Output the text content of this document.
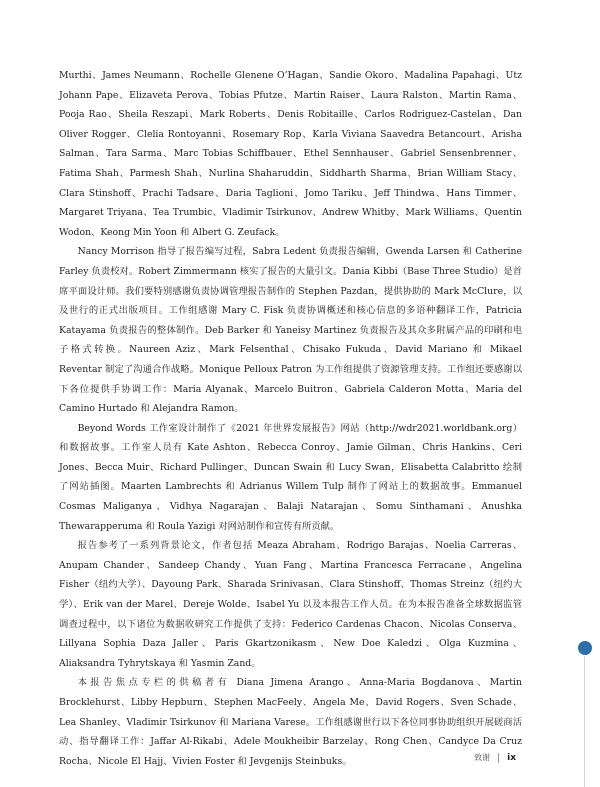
Murthi、James Neumann、Rochelle Glenene O’Hagan、Sandie Okoro、Madalina Papahagi、Utz Johann Pape、Elizaveta Perova、Tobias Pfutze、Martin Raiser、Laura Ralston、Martin Rama、Pooja Rao、Sheila Reszapi、Mark Roberts、Denis Robitaille、Carlos Rodriguez-Castelan、Dan Oliver Rogger、Clelia Rontoyanni、Rosemary Rop、Karla Viviana Saavedra Betancourt、Arisha Salman、Tara Sarma、Marc Tobias Schiffbauer、Ethel Sennhauser、Gabriel Sensenbrenner、Fatima Shah、Parmesh Shah、Nurlina Shaharuddin、Siddharth Sharma、Brian William Stacy、Clara Stinshoff、Prachi Tadsare、Daria Taglioni、Jomo Tariku、Jeff Thindwa、Hans Timmer、Margaret Triyana、Tea Trumbic、Vladimir Tsirkunov、Andrew Whitby、Mark Williams、Quentin Wodon、Keong Min Yoon 和 Albert G. Zeufack。

Nancy Morrison 指导了报告编写过程，Sabra Ledent 负责报告编辑，Gwenda Larsen 和 Catherine Farley 负责校对。Robert Zimmermann 核实了报告的大量引文。Dania Kibbi（Base Three Studio）是首席平面设计师。我们要特别感谢负责协调管理报告制作的 Stephen Pazdan，提供协助的 Mark McClure，以及世行的正式出版项目。工作组感谢 Mary C. Fisk 负责协调概述和核心信息的多语种翻译工作，Patricia Katayama 负责报告的整体制作。Deb Barker 和 Yaneisy Martinez 负责报告及其众多附属产品的印刷和电子格式转换。Naureen Aziz、Mark Felsenthal、Chisako Fukuda、David Mariano 和 Mikael Reventar 制定了沟通合作战略。Monique Pelloux Patron 为工作组提供了资源管理支持。工作组还要感谢以下各位提供手协调工作：Maria Alyanak、Marcelo Buitron、Gabriela Calderon Motta、Maria del Camino Hurtado 和 Alejandra Ramon。

Beyond Words 工作室设计制作了《2021 年世界发展报告》网站（http://wdr2021.worldbank.org）和数据故事。工作室人员有 Kate Ashton、Rebecca Conroy、Jamie Gilman、Chris Hankins、Ceri Jones、Becca Muir、Richard Pullinger、Duncan Swain 和 Lucy Swan，Elisabetta Calabritto 绘制了网站插图。Maarten Lambrechts 和 Adrianus Willem Tulp 制作了网站上的数据故事。Emmanuel Cosmas Maliganya、Vidhya Nagarajan、Balaji Natarajan、Somu Sinthamani、Anushka Thewarapperuma 和 Roula Yazigi 对网站制作和宣传有所贡献。

报告参考了一系列背景论文，作者包括 Meaza Abraham、Rodrigo Barajas、Noelia Carreras、Anupam Chander、Sandeep Chandy、Yuan Fang、Martina Francesca Ferracane、Angelina Fisher（纽约大学）、Dayoung Park、Sharada Srinivasan、Clara Stinshoff、Thomas Streinz（纽约大学）、Erik van der Marel、Dereje Wolde、Isabel Yu 以及本报告工作人员。在为本报告准备全球数据监管调查过程中，以下诸位为数据收研究工作提供了支持：Federico Cardenas Chacon、Nicolas Conserva、Lillyana Sophia Daza Jaller、Paris Gkartzonikasm、New Doe Kaledzi、Olga Kuzmina、Aliaksandra Tyhrytskaya 和 Yasmin Zand。

本报告焦点专栏的供稿者有 Diana Jimena Arango、Anna-Maria Bogdanova、Martin Brocklehurst、Libby Hepburn、Stephen MacFeely、Angela Me、David Rogers、Sven Schade、Lea Shanley、Vladimir Tsirkunov 和 Mariana Varese。工作组感谢世行以下各位同事协助组织开展磋商活动、指导翻译工作：Jaffar Al-Rikabi、Adele Moukheibir Barzelay、Rong Chen、Candyce Da Cruz Rocha、Nicole El Hajj、Vivien Foster 和 Jevgenijs Steinbuks。	致谢 ix
